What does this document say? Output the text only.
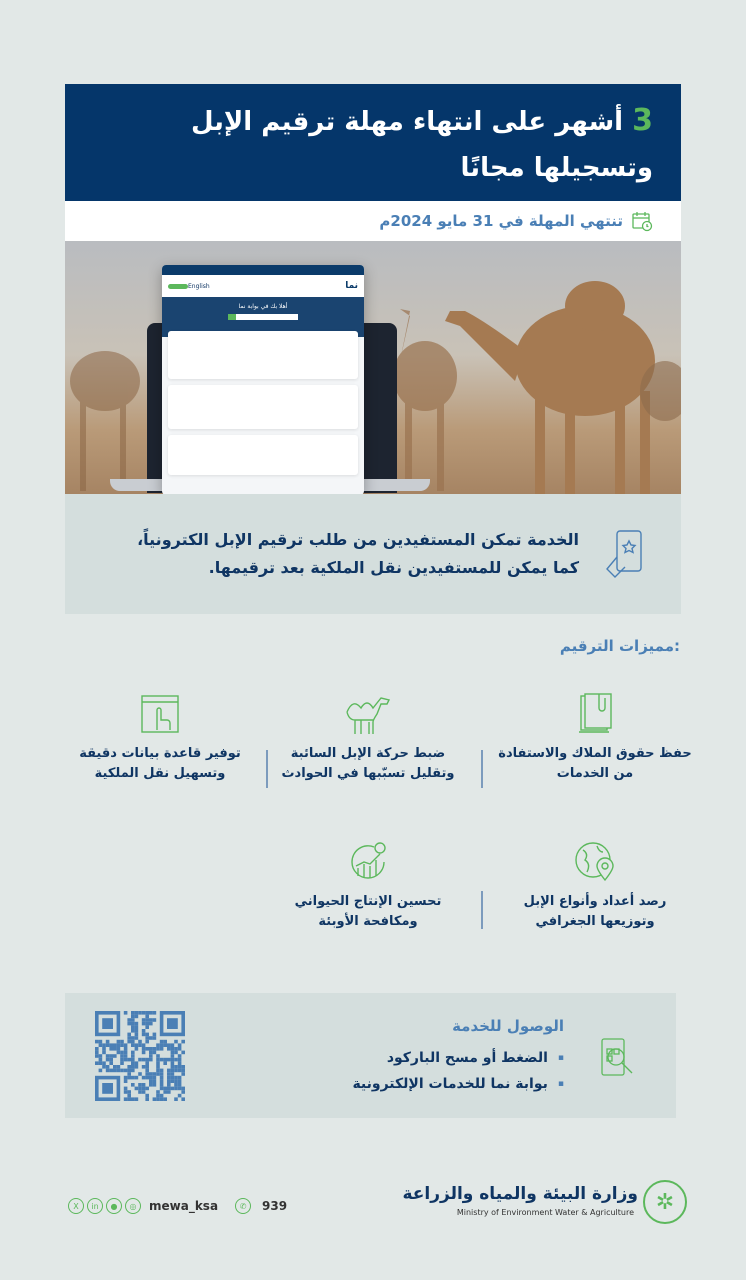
3 أشهر على انتهاء مهلة ترقيم الإبل
وتسجيلها مجانًا
تنتهي المهلة في 31 مايو 2024م
English	نما
أهلا بك في بوابة نما

الخدمة تمكن المستفيدين من طلب ترقيم الإبل الكترونياً،
كما يمكن للمستفيدين نقل الملكية بعد ترقيمها.

مميزات الترقيم:
حفظ حقوق الملاك والاستفادة من الخدمات
ضبط حركة الإبل السائبة وتقليل تسبّبها في الحوادث
توفير قاعدة بيانات دقيقة وتسهيل نقل الملكية
رصد أعداد وأنواع الإبل وتوزيعها الجغرافي
تحسين الإنتاج الحيواني ومكافحة الأوبئة
الوصول للخدمة
▪ الضغط أو مسح الباركود
▪ بوابة نما للخدمات الإلكترونية
وزارة البيئة والمياه والزراعة
Ministry of Environment Water & Agriculture ✲
X	in	●	◎	mewa_ksa	✆	939
